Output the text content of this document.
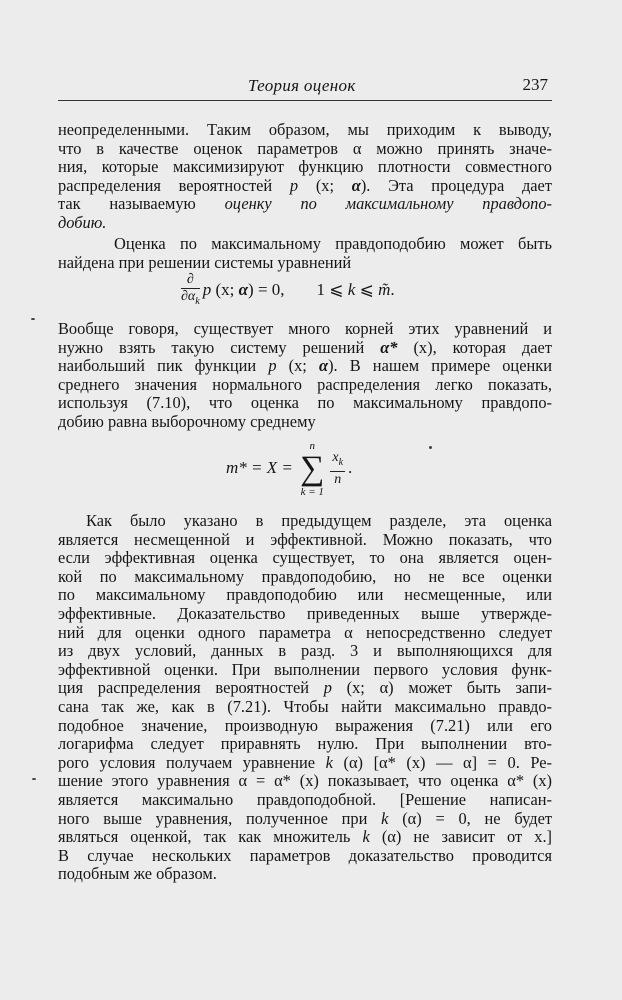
Теория оценок	237
неопределенными. Таким образом, мы приходим к выводу,
что в качестве оценок параметров α можно принять значе-
ния, которые максимизируют функцию плотности совместного
распределения вероятностей p (x; α). Эта процедура дает
так называемую оценку по максимальному правдопо-
добию.
Оценка по максимальному правдоподобию может быть
найдена при решении системы уравнений
$\frac{\partial}{\partial\alpha_k}$ p (x; α) = 0, 1 ⩽ k ⩽ m̃.
Вообще говоря, существует много корней этих уравнений и
нужно взять такую систему решений α* (x), которая дает
наибольший пик функции p (x; α). В нашем примере оценки
среднего значения нормального распределения легко показать,
используя (7.10), что оценка по максимальному правдопо-
добию равна выборочному среднему
m* = X =
n
∑
k = 1
$\frac{x_k}{n}$ .
Как было указано в предыдущем разделе, эта оценка
является несмещенной и эффективной. Можно показать, что
если эффективная оценка существует, то она является оцен-
кой по максимальному правдоподобию, но не все оценки
по максимальному правдоподобию или несмещенные, или
эффективные. Доказательство приведенных выше утвержде-
ний для оценки одного параметра α непосредственно следует
из двух условий, данных в разд. 3 и выполняющихся для
эффективной оценки. При выполнении первого условия функ-
ция распределения вероятностей p (x; α) может быть запи-
сана так же, как в (7.21). Чтобы найти максимально правдо-
подобное значение, производную выражения (7.21) или его
логарифма следует приравнять нулю. При выполнении вто-
рого условия получаем уравнение k (α) [α* (x) — α] = 0. Ре-
шение этого уравнения α = α* (x) показывает, что оценка α* (x)
является максимально правдоподобной. [Решение написан-
ного выше уравнения, полученное при k (α) = 0, не будет
являться оценкой, так как множитель k (α) не зависит от x.]
В случае нескольких параметров доказательство проводится
подобным же образом.
